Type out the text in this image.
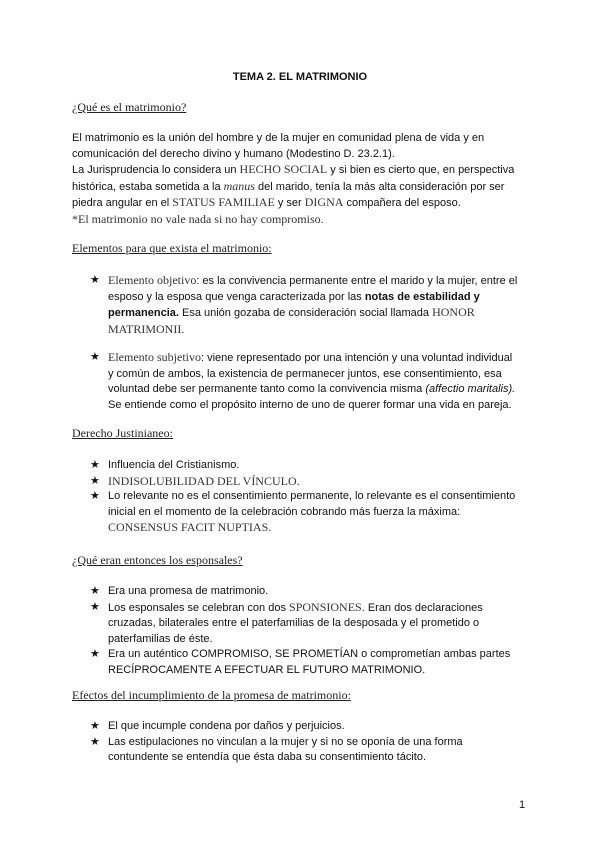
TEMA 2. EL MATRIMONIO
¿Qué es el matrimonio?
El matrimonio es la unión del hombre y de la mujer en comunidad plena de vida y en
comunicación del derecho divino y humano (Modestino D. 23.2.1).
La Jurisprudencia lo considera un HECHO SOCIAL y si bien es cierto que, en perspectiva
histórica, estaba sometida a la manus del marido, tenía la más alta consideración por ser
piedra angular en el STATUS FAMILIAE y ser DIGNA compañera del esposo.
*El matrimonio no vale nada si no hay compromiso.
Elementos para que exista el matrimonio:
★ Elemento objetivo: es la convivencia permanente entre el marido y la mujer, entre el
esposo y la esposa que venga caracterizada por las notas de estabilidad y
permanencia. Esa unión gozaba de consideración social llamada HONOR
MATRIMONII.
★ Elemento subjetivo: viene representado por una intención y una voluntad individual
y común de ambos, la existencia de permanecer juntos, ese consentimiento, esa
voluntad debe ser permanente tanto como la convivencia misma (affectio maritalis).
Se entiende como el propósito interno de uno de querer formar una vida en pareja.
Derecho Justinianeo:
★ Influencia del Cristianismo.
★ INDISOLUBILIDAD DEL VÍNCULO.
★ Lo relevante no es el consentimiento permanente, lo relevante es el consentimiento
inicial en el momento de la celebración cobrando más fuerza la máxima:
CONSENSUS FACIT NUPTIAS.
¿Qué eran entonces los esponsales?
★ Era una promesa de matrimonio.
★ Los esponsales se celebran con dos SPONSIONES. Eran dos declaraciones
cruzadas, bilaterales entre el paterfamilias de la desposada y el prometido o
paterfamilias de éste.
★ Era un auténtico COMPROMISO, SE PROMETÍAN o comprometían ambas partes
RECÍPROCAMENTE A EFECTUAR EL FUTURO MATRIMONIO.
Efectos del incumplimiento de la promesa de matrimonio:
★ El que incumple condena por daños y perjuicios.
★ Las estipulaciones no vinculan a la mujer y si no se oponía de una forma
contundente se entendía que ésta daba su consentimiento tácito.
1
